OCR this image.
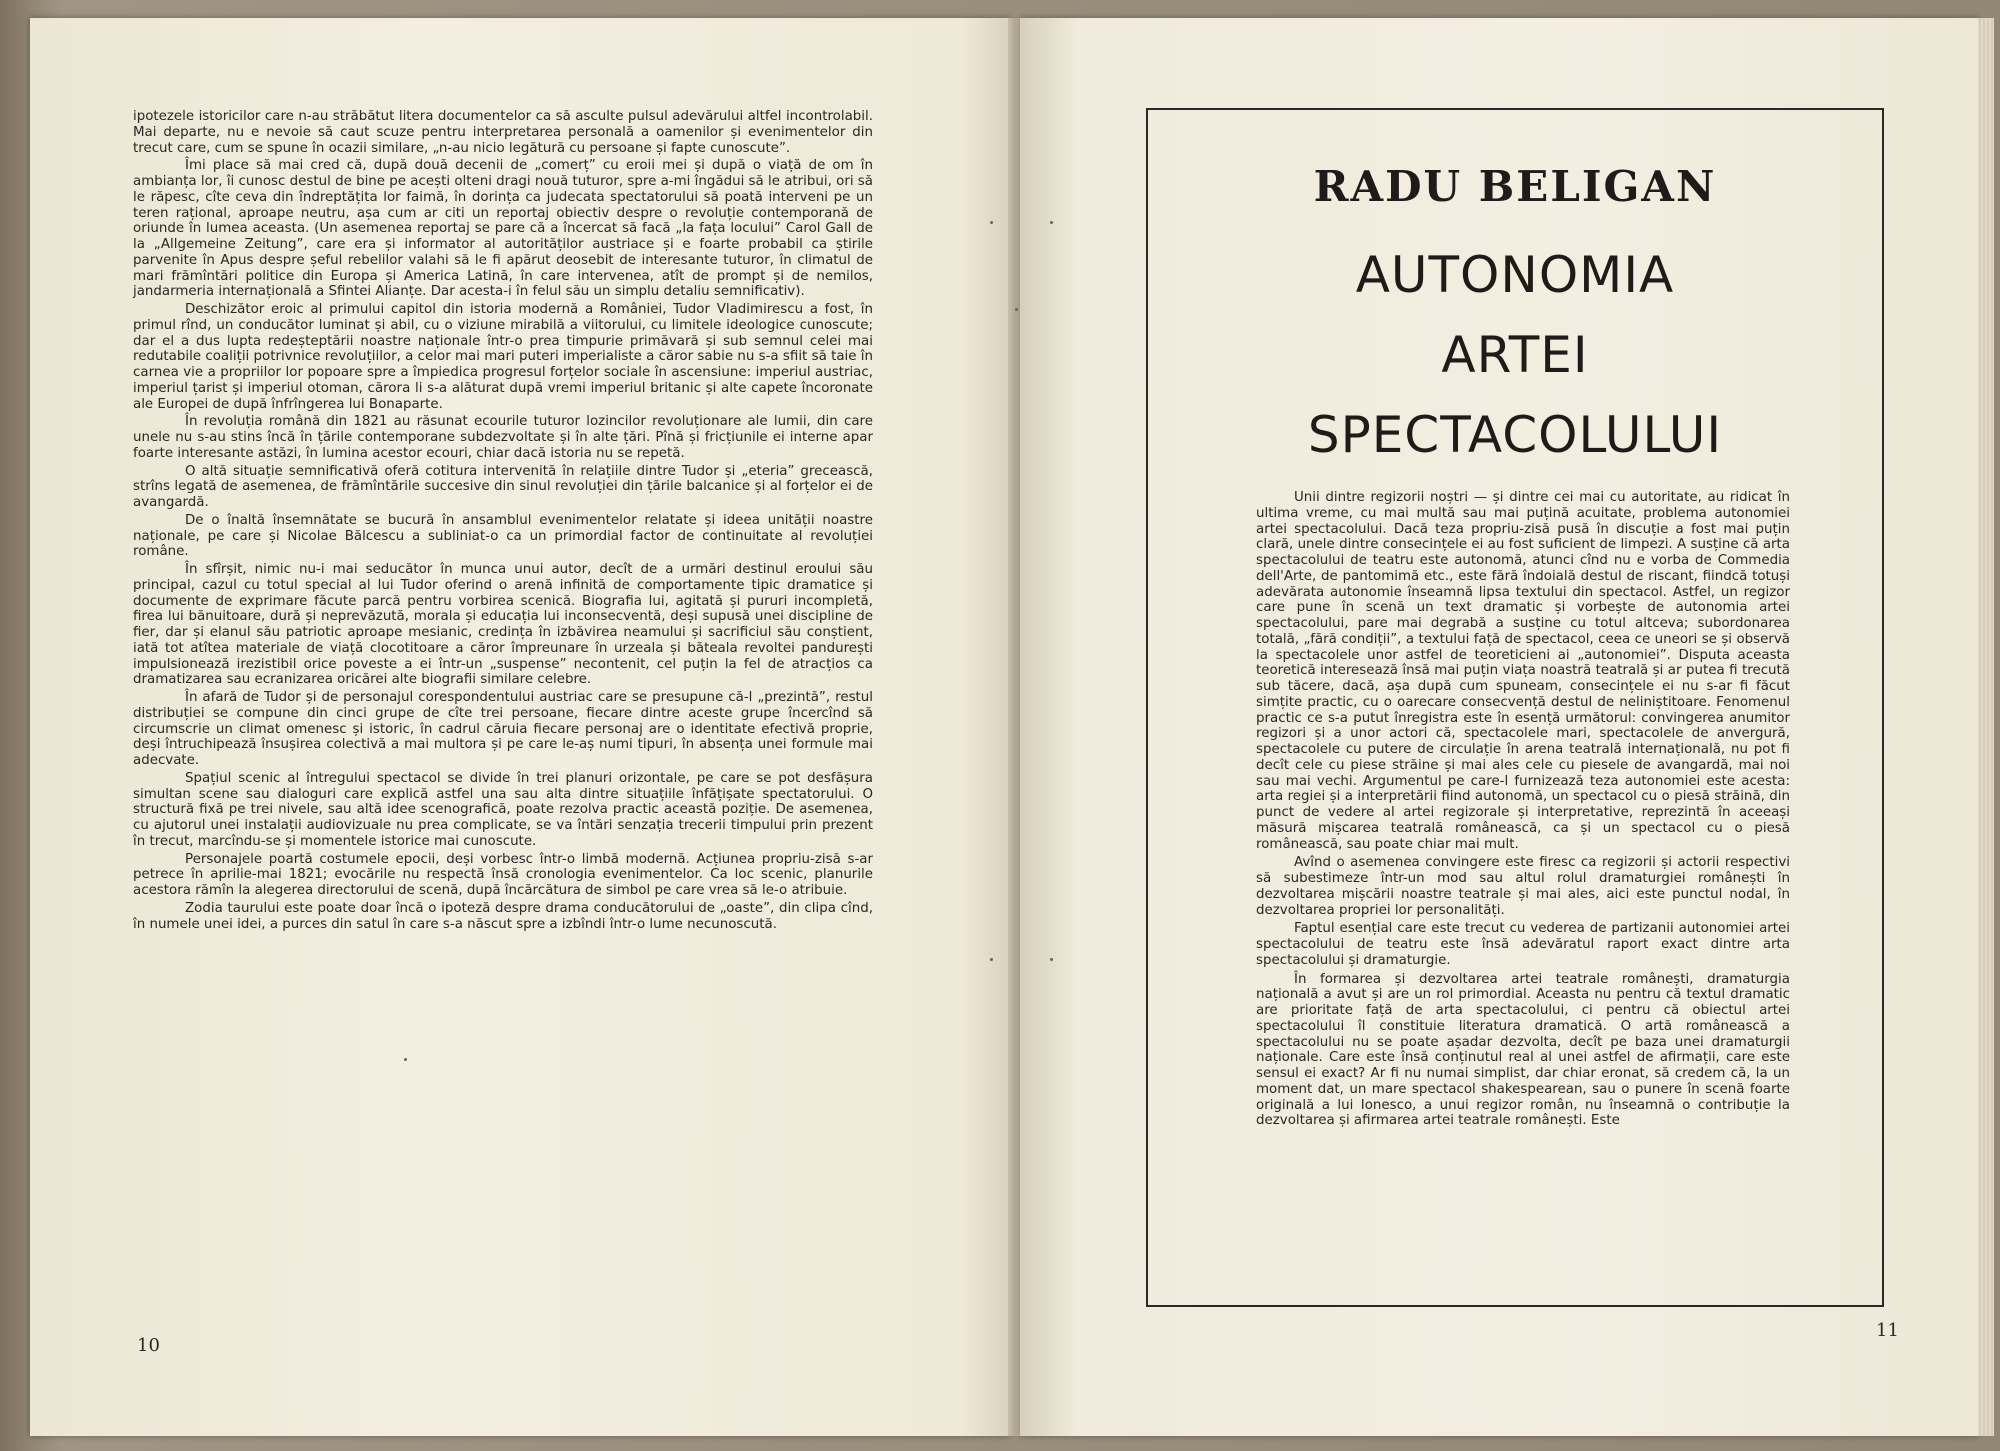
ipotezele istoricilor care n-au străbătut litera documentelor ca să asculte pulsul adevărului altfel incontrolabil. Mai departe, nu e nevoie să caut scuze pentru interpretarea personală a oamenilor și evenimentelor din trecut care, cum se spune în ocazii similare, „n-au nicio legătură cu persoane și fapte cunoscute”.

Îmi place să mai cred că, după două decenii de „comerț” cu eroii mei și după o viață de om în ambianța lor, îi cunosc destul de bine pe acești olteni dragi nouă tuturor, spre a-mi îngădui să le atribui, ori să le răpesc, cîte ceva din îndreptățita lor faimă, în dorința ca judecata spectatorului să poată interveni pe un teren rațional, aproape neutru, așa cum ar citi un reportaj obiectiv despre o revoluție contemporană de oriunde în lumea aceasta. (Un asemenea reportaj se pare că a încercat să facă „la fața locului” Carol Gall de la „Allgemeine Zeitung”, care era și informator al autorităților austriace și e foarte probabil ca știrile parvenite în Apus despre șeful rebelilor valahi să le fi apărut deosebit de interesante tuturor, în climatul de mari frămîntări politice din Europa și America Latină, în care intervenea, atît de prompt și de nemilos, jandarmeria internațională a Sfintei Alianțe. Dar acesta-i în felul său un simplu detaliu semnificativ).

Deschizător eroic al primului capitol din istoria modernă a României, Tudor Vladimirescu a fost, în primul rînd, un conducător luminat și abil, cu o viziune mirabilă a viitorului, cu limitele ideologice cunoscute; dar el a dus lupta redeșteptării noastre naționale într-o prea timpurie primăvară și sub semnul celei mai redutabile coaliții potrivnice revoluțiilor, a celor mai mari puteri imperialiste a căror sabie nu s-a sfiit să taie în carnea vie a propriilor lor popoare spre a împiedica progresul forțelor sociale în ascensiune: imperiul austriac, imperiul țarist și imperiul otoman, cărora li s-a alăturat după vremi imperiul britanic și alte capete încoronate ale Europei de după înfrîngerea lui Bonaparte.

În revoluția română din 1821 au răsunat ecourile tuturor lozincilor revoluționare ale lumii, din care unele nu s-au stins încă în țările contemporane subdezvoltate și în alte țări. Pînă și fricțiunile ei interne apar foarte interesante astăzi, în lumina acestor ecouri, chiar dacă istoria nu se repetă.

O altă situație semnificativă oferă cotitura intervenită în relațiile dintre Tudor și „eteria” grecească, strîns legată de asemenea, de frămîntările succesive din sinul revoluției din țările balcanice și al forțelor ei de avangardă.

De o înaltă însemnătate se bucură în ansamblul evenimentelor relatate și ideea unității noastre naționale, pe care și Nicolae Bălcescu a subliniat-o ca un primordial factor de continuitate al revoluției române.

În sfîrșit, nimic nu-i mai seducător în munca unui autor, decît de a urmări destinul eroului său principal, cazul cu totul special al lui Tudor oferind o arenă infinită de comportamente tipic dramatice și documente de exprimare făcute parcă pentru vorbirea scenică. Biografia lui, agitată și pururi incompletă, firea lui bănuitoare, dură și neprevăzută, morala și educația lui inconsecventă, deși supusă unei discipline de fier, dar și elanul său patriotic aproape mesianic, credința în izbăvirea neamului și sacrificiul său conștient, iată tot atîtea materiale de viață clocotitoare a căror împreunare în urzeala și băteala revoltei pandurești impulsionează irezistibil orice poveste a ei într-un „suspense” necontenit, cel puțin la fel de atracțios ca dramatizarea sau ecranizarea oricărei alte biografii similare celebre.

În afară de Tudor și de personajul corespondentului austriac care se presupune că-l „prezintă”, restul distribuției se compune din cinci grupe de cîte trei persoane, fiecare dintre aceste grupe încercînd să circumscrie un climat omenesc și istoric, în cadrul căruia fiecare personaj are o identitate efectivă proprie, deși întruchipează însușirea colectivă a mai multora și pe care le-aș numi tipuri, în absența unei formule mai adecvate.

Spațiul scenic al întregului spectacol se divide în trei planuri orizontale, pe care se pot desfășura simultan scene sau dialoguri care explică astfel una sau alta dintre situațiile înfățișate spectatorului. O structură fixă pe trei nivele, sau altă idee scenografică, poate rezolva practic această poziție. De asemenea, cu ajutorul unei instalații audiovizuale nu prea complicate, se va întări senzația trecerii timpului prin prezent în trecut, marcîndu-se și momentele istorice mai cunoscute.

Personajele poartă costumele epocii, deși vorbesc într-o limbă modernă. Acțiunea propriu-zisă s-ar petrece în aprilie-mai 1821; evocările nu respectă însă cronologia evenimentelor. Ca loc scenic, planurile acestora rămîn la alegerea directorului de scenă, după încărcătura de simbol pe care vrea să le-o atribuie.

Zodia taurului este poate doar încă o ipoteză despre drama conducătorului de „oaste”, din clipa cînd, în numele unei idei, a purces din satul în care s-a născut spre a izbîndi într-o lume necunoscută.

10
RADU BELIGAN
AUTONOMIA
ARTEI
SPECTACOLULUI

Unii dintre regizorii noștri — și dintre cei mai cu autoritate, au ridicat în ultima vreme, cu mai multă sau mai puțină acuitate, problema autonomiei artei spectacolului. Dacă teza propriu-zisă pusă în discuție a fost mai puțin clară, unele dintre consecințele ei au fost suficient de limpezi. A susține că arta spectacolului de teatru este autonomă, atunci cînd nu e vorba de Commedia dell'Arte, de pantomimă etc., este fără îndoială destul de riscant, fiindcă totuși adevărata autonomie înseamnă lipsa textului din spectacol. Astfel, un regizor care pune în scenă un text dramatic și vorbește de autonomia artei spectacolului, pare mai degrabă a susține cu totul altceva; subordonarea totală, „fără condiții”, a textului față de spectacol, ceea ce uneori se și observă la spectacolele unor astfel de teoreticieni ai „autonomiei”. Disputa aceasta teoretică interesează însă mai puțin viața noastră teatrală și ar putea fi trecută sub tăcere, dacă, așa după cum spuneam, consecințele ei nu s-ar fi făcut simțite practic, cu o oarecare consecvență destul de neliniștitoare. Fenomenul practic ce s-a putut înregistra este în esență următorul: convingerea anumitor regizori și a unor actori că, spectacolele mari, spectacolele de anvergură, spectacolele cu putere de circulație în arena teatrală internațională, nu pot fi decît cele cu piese străine și mai ales cele cu piesele de avangardă, mai noi sau mai vechi. Argumentul pe care-l furnizează teza autonomiei este acesta: arta regiei și a interpretării fiind autonomă, un spectacol cu o piesă străină, din punct de vedere al artei regizorale și interpretative, reprezintă în aceeași măsură mișcarea teatrală românească, ca și un spectacol cu o piesă românească, sau poate chiar mai mult.

Avînd o asemenea convingere este firesc ca regizorii și actorii respectivi să subestimeze într-un mod sau altul rolul dramaturgiei românești în dezvoltarea mișcării noastre teatrale și mai ales, aici este punctul nodal, în dezvoltarea propriei lor personalități.

Faptul esențial care este trecut cu vederea de partizanii autonomiei artei spectacolului de teatru este însă adevăratul raport exact dintre arta spectacolului și dramaturgie.

În formarea și dezvoltarea artei teatrale românești, dramaturgia națională a avut și are un rol primordial. Aceasta nu pentru că textul dramatic are prioritate față de arta spectacolului, ci pentru că obiectul artei spectacolului îl constituie literatura dramatică. O artă românească a spectacolului nu se poate așadar dezvolta, decît pe baza unei dramaturgii naționale. Care este însă conținutul real al unei astfel de afirmații, care este sensul ei exact? Ar fi nu numai simplist, dar chiar eronat, să credem că, la un moment dat, un mare spectacol shakespearean, sau o punere în scenă foarte originală a lui Ionesco, a unui regizor român, nu înseamnă o contribuție la dezvoltarea și afirmarea artei teatrale românești. Este

11
